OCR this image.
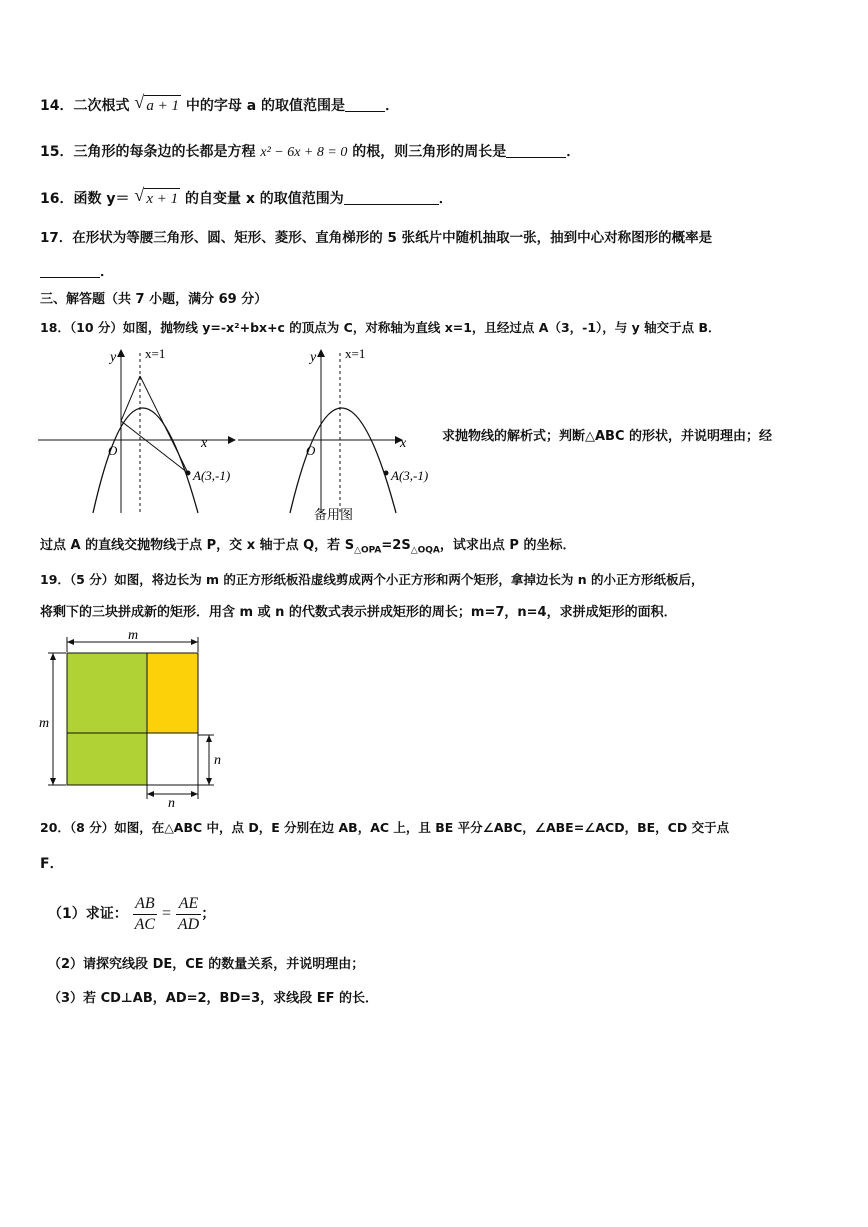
14．二次根式 √ a + 1 中的字母 a 的取值范围是	．
15．三角形的每条边的长都是方程 x² − 6x + 8 = 0 的根，则三角形的周长是	．
16．函数 y＝ √ x + 1 的自变量 x 的取值范围为	．
17．在形状为等腰三角形、圆、矩形、菱形、直角梯形的 5 张纸片中随机抽取一张，抽到中心对称图形的概率是
．
三、解答题（共 7 小题，满分 69 分）
18．（10 分）如图，抛物线 y=-x²+bx+c 的顶点为 C，对称轴为直线 x=1，且经过点 A（3，-1），与 y 轴交于点 B．
y x=1
x
O
A(3,-1)
y x=1
x
O
A(3,-1)
备用图
求抛物线的解析式；判断△ABC 的形状，并说明理由；经
过点 A 的直线交抛物线于点 P，交 x 轴于点 Q，若 $S_{\triangle OPA}=2S_{\triangle OQA}$，试求出点 P 的坐标．
19．（5 分）如图，将边长为 m 的正方形纸板沿虚线剪成两个小正方形和两个矩形，拿掉边长为 n 的小正方形纸板后，
将剩下的三块拼成新的矩形．用含 m 或 n 的代数式表示拼成矩形的周长；m=7，n=4，求拼成矩形的面积．
m
m
n
n
20．（8 分）如图，在△ABC 中，点 D，E 分别在边 AB，AC 上，且 BE 平分∠ABC，∠ABE=∠ACD，BE，CD 交于点
F．
（1）求证： $\frac{AB}{AC} = \frac{AE}{AD}$ ；
（2）请探究线段 DE，CE 的数量关系，并说明理由；
（3）若 CD⊥AB，AD=2，BD=3，求线段 EF 的长．
